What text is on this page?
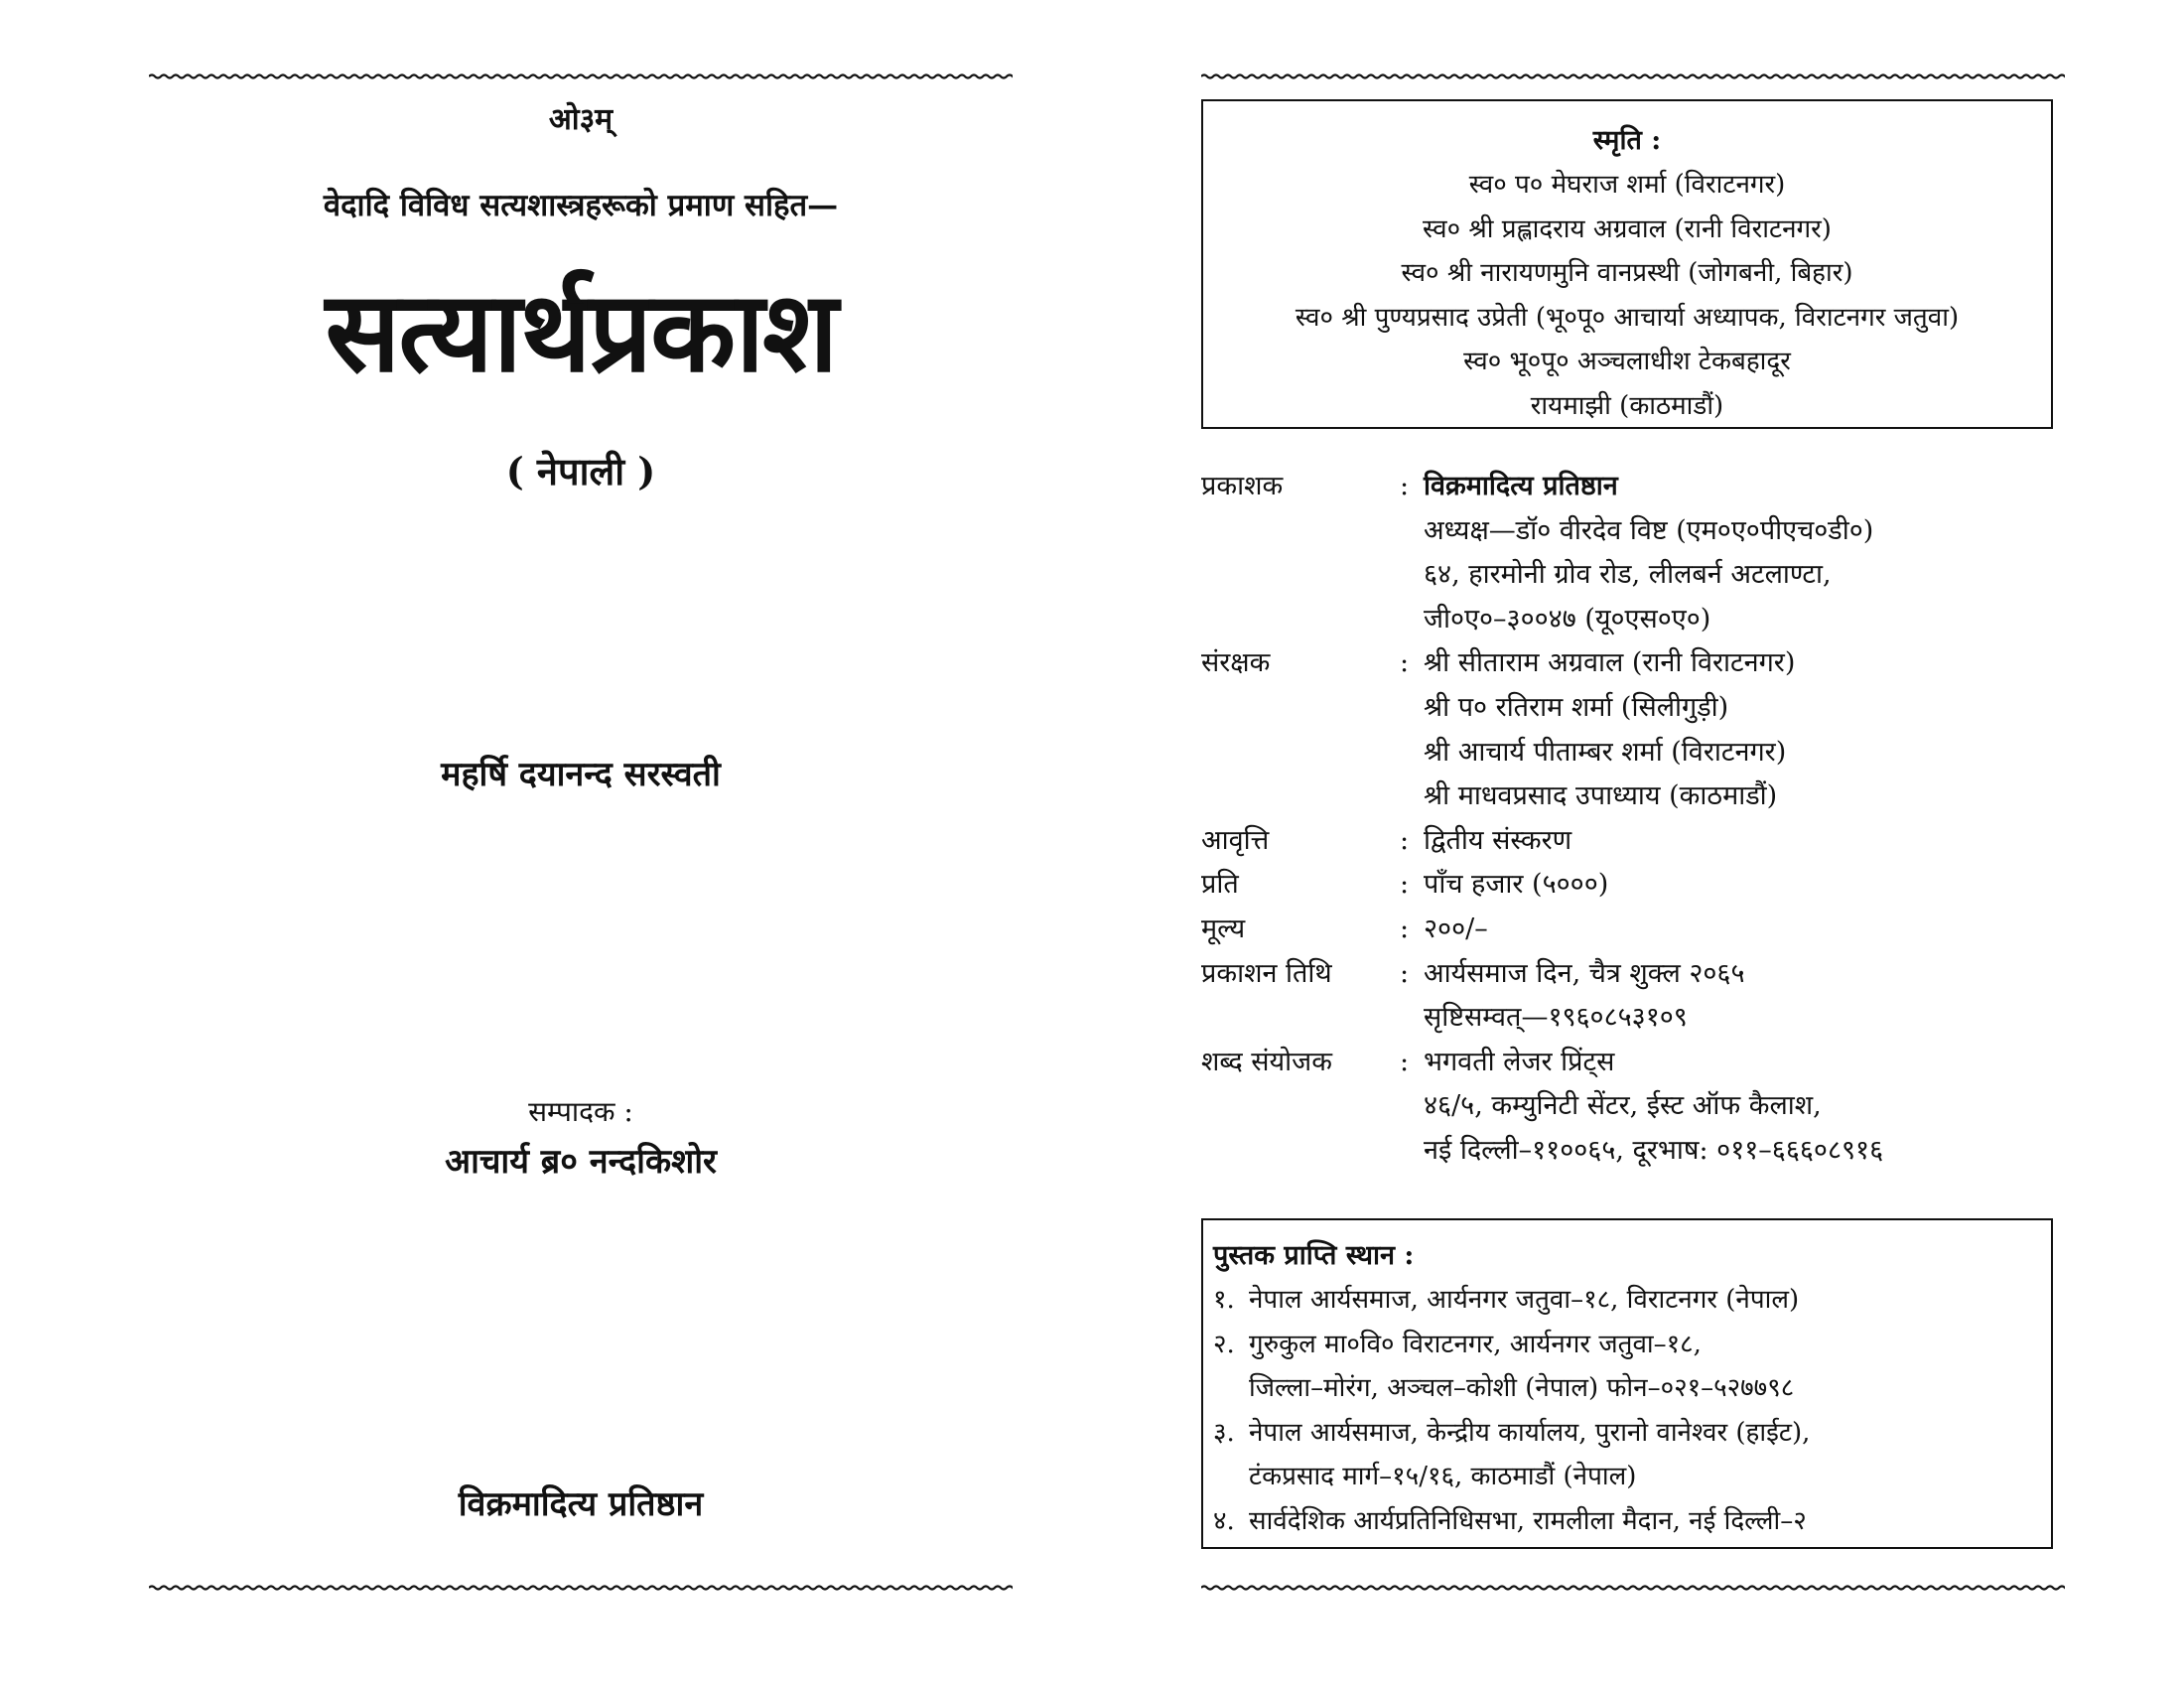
ओ३म्
वेदादि विविध सत्यशास्त्रहरूको प्रमाण सहित—
सत्यार्थप्रकाश
( नेपाली )
महर्षि दयानन्द सरस्वती
सम्पादक :
आचार्य ब्र० नन्दकिशोर
विक्रमादित्य प्रतिष्ठान
स्मृति :
स्व० प० मेघराज शर्मा (विराटनगर)
स्व० श्री प्रह्लादराय अग्रवाल (रानी विराटनगर)
स्व० श्री नारायणमुनि वानप्रस्थी (जोगबनी, बिहार)
स्व० श्री पुण्यप्रसाद उप्रेती (भू०पू० आचार्या अध्यापक, विराटनगर जतुवा)
स्व० भू०पू० अञ्चलाधीश टेकबहादूर
रायमाझी (काठमाडौं)
प्रकाशक	: विक्रमादित्य प्रतिष्ठान
अध्यक्ष—डॉ० वीरदेव विष्ट (एम०ए०पीएच०डी०)
६४, हारमोनी ग्रोव रोड, लीलबर्न अटलाण्टा,
जी०ए०–३००४७ (यू०एस०ए०)
संरक्षक	: श्री सीताराम अग्रवाल (रानी विराटनगर)
श्री प० रतिराम शर्मा (सिलीगुड़ी)
श्री आचार्य पीताम्बर शर्मा (विराटनगर)
श्री माधवप्रसाद उपाध्याय (काठमाडौं)
आवृत्ति	: द्वितीय संस्करण
प्रति	: पाँच हजार (५०००)
मूल्य	: २००/–
प्रकाशन तिथि	: आर्यसमाज दिन, चैत्र शुक्ल २०६५
सृष्टिसम्वत्—१९६०८५३१०९
शब्द संयोजक	: भगवती लेजर प्रिंट्स
४६/५, कम्युनिटी सेंटर, ईस्ट ऑफ कैलाश,
नई दिल्ली–११००६५, दूरभाष: ०११–६६६०८९१६
पुस्तक प्राप्ति स्थान :
१. नेपाल आर्यसमाज, आर्यनगर जतुवा–१८, विराटनगर (नेपाल)
२. गुरुकुल मा०वि० विराटनगर, आर्यनगर जतुवा–१८,
जिल्ला–मोरंग, अञ्चल–कोशी (नेपाल) फोन–०२१–५२७७९८
३. नेपाल आर्यसमाज, केन्द्रीय कार्यालय, पुरानो वानेश्वर (हाईट),
टंकप्रसाद मार्ग–१५/१६, काठमाडौं (नेपाल)
४. सार्वदेशिक आर्यप्रतिनिधिसभा, रामलीला मैदान, नई दिल्ली–२
